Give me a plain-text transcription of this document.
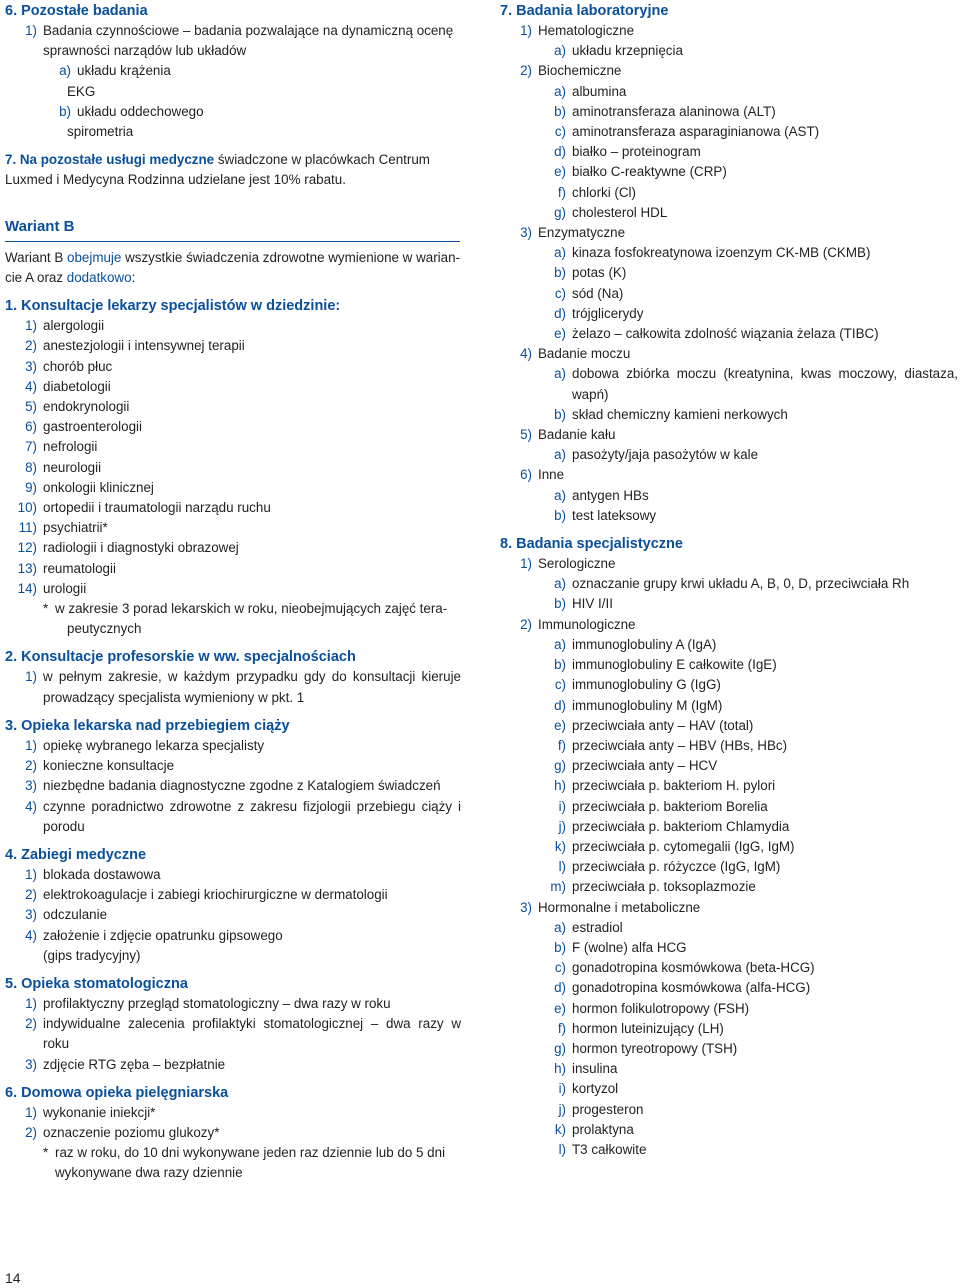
6. Pozostałe badania
1) Badania czynnościowe – badania pozwalające na dynamiczną ocenę sprawności narządów lub układów
a) układu krążenia
EKG
b) układu oddechowego
spirometria
7. Na pozostałe usługi medyczne świadczone w placówkach Centrum Luxmed i Medycyna Rodzinna udzielane jest 10% rabatu.
Wariant B
Wariant B obejmuje wszystkie świadczenia zdrowotne wymienione w warian-cie A oraz dodatkowo:
1. Konsultacje lekarzy specjalistów w dziedzinie:
1) alergologii
2) anestezjologii i intensywnej terapii
3) chorób płuc
4) diabetologii
5) endokrynologii
6) gastroenterologii
7) nefrologii
8) neurologii
9) onkologii klinicznej
10) ortopedii i traumatologii narządu ruchu
11) psychiatrii*
12) radiologii i diagnostyki obrazowej
13) reumatologii
14) urologii
* w zakresie 3 porad lekarskich w roku, nieobejmujących zajęć tera-
peutycznych
2. Konsultacje profesorskie w ww. specjalnościach
1) w pełnym zakresie, w każdym przypadku gdy do konsultacji kieruje prowadzący specjalista wymieniony w pkt. 1
3. Opieka lekarska nad przebiegiem ciąży
1) opiekę wybranego lekarza specjalisty
2) konieczne konsultacje
3) niezbędne badania diagnostyczne zgodne z Katalogiem świadczeń
4) czynne poradnictwo zdrowotne z zakresu fizjologii przebiegu ciąży i porodu
4. Zabiegi medyczne
1) blokada dostawowa
2) elektrokoagulacje i zabiegi kriochirurgiczne w dermatologii
3) odczulanie
4) założenie i zdjęcie opatrunku gipsowego
(gips tradycyjny)
5. Opieka stomatologiczna
1) profilaktyczny przegląd stomatologiczny – dwa razy w roku
2) indywidualne zalecenia profilaktyki stomatologicznej – dwa razy w roku
3) zdjęcie RTG zęba – bezpłatnie
6. Domowa opieka pielęgniarska
1) wykonanie iniekcji*
2) oznaczenie poziomu glukozy*
* raz w roku, do 10 dni wykonywane jeden raz dziennie lub do 5 dni
wykonywane dwa razy dziennie
7. Badania laboratoryjne
1) Hematologiczne
a) układu krzepnięcia
2) Biochemiczne
a) albumina
b) aminotransferaza alaninowa (ALT)
c) aminotransferaza asparaginianowa (AST)
d) białko – proteinogram
e) białko C-reaktywne (CRP)
f) chlorki (Cl)
g) cholesterol HDL
3) Enzymatyczne
a) kinaza fosfokreatynowa izoenzym CK-MB (CKMB)
b) potas (K)
c) sód (Na)
d) trójglicerydy
e) żelazo – całkowita zdolność wiązania żelaza (TIBC)
4) Badanie moczu
a) dobowa zbiórka moczu (kreatynina, kwas moczowy, diastaza, wapń)
b) skład chemiczny kamieni nerkowych
5) Badanie kału
a) pasożyty/jaja pasożytów w kale
6) Inne
a) antygen HBs
b) test lateksowy
8. Badania specjalistyczne
1) Serologiczne
a) oznaczanie grupy krwi układu A, B, 0, D, przeciwciała Rh
b) HIV I/II
2) Immunologiczne
a) immunoglobuliny A (IgA)
b) immunoglobuliny E całkowite (IgE)
c) immunoglobuliny G (IgG)
d) immunoglobuliny M (IgM)
e) przeciwciała anty – HAV (total)
f) przeciwciała anty – HBV (HBs, HBc)
g) przeciwciała anty – HCV
h) przeciwciała p. bakteriom H. pylori
i) przeciwciała p. bakteriom Borelia
j) przeciwciała p. bakteriom Chlamydia
k) przeciwciała p. cytomegalii (IgG, IgM)
l) przeciwciała p. różyczce (IgG, IgM)
m) przeciwciała p. toksoplazmozie
3) Hormonalne i metaboliczne
a) estradiol
b) F (wolne) alfa HCG
c) gonadotropina kosmówkowa (beta-HCG)
d) gonadotropina kosmówkowa (alfa-HCG)
e) hormon folikulotropowy (FSH)
f) hormon luteinizujący (LH)
g) hormon tyreotropowy (TSH)
h) insulina
i) kortyzol
j) progesteron
k) prolaktyna
l) T3 całkowite
14
